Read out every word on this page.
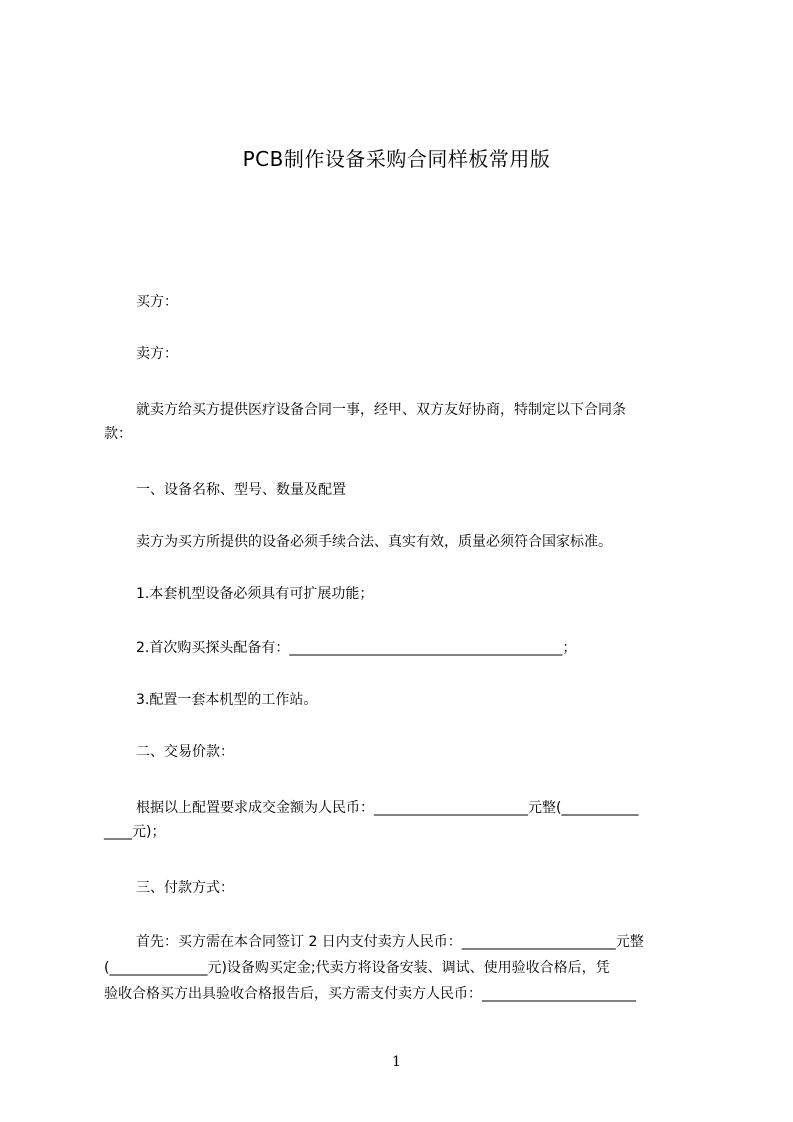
PCB制作设备采购合同样板常用版
买方：
卖方：
就卖方给买方提供医疗设备合同一事，经甲、双方友好协商，特制定以下合同条
款：
一、设备名称、型号、数量及配置
卖方为买方所提供的设备必须手续合法、真实有效，质量必须符合国家标准。
1.本套机型设备必须具有可扩展功能；
2.首次购买探头配备有：_______________________________________；
3.配置一套本机型的工作站。
二、交易价款：
根据以上配置要求成交金额为人民币：______________________元整(___________
____元)；
三、付款方式：
首先：买方需在本合同签订 2 日内支付卖方人民币：______________________元整
(______________元)设备购买定金;代卖方将设备安装、调试、使用验收合格后，凭
验收合格买方出具验收合格报告后，买方需支付卖方人民币：______________________
1
